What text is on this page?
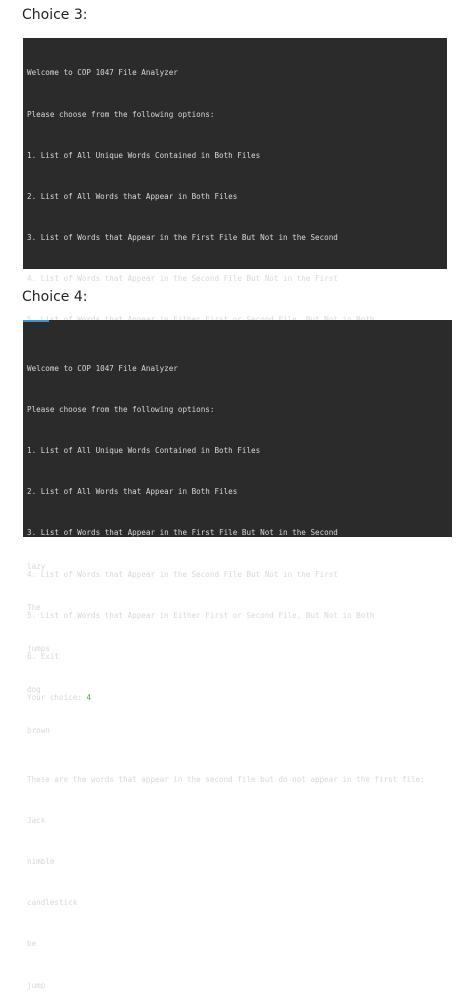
Choice 3:

Welcome to COP 1047 File Analyzer

Please choose from the following options:

1. List of All Unique Words Contained in Both Files

2. List of All Words that Appear in Both Files

3. List of Words that Appear in the First File But Not in the Second

4. List of Words that Appear in the Second File But Not in the First

lazy

The

jumps

dog

brown

Choice 4:

Welcome to COP 1047 File Analyzer

Please choose from the following options:

1. List of All Unique Words Contained in Both Files

2. List of All Words that Appear in Both Files

3. List of Words that Appear in the First File But Not in the Second

4. List of Words that Appear in the Second File But Not in the First

5. List of Words that Appear in Either First or Second File, But Not in Both

6. Exit

Your choice: 4

These are the words that appear in the second file but do not appear in the first file:

Jack

nimble

candlestick

be

jump
